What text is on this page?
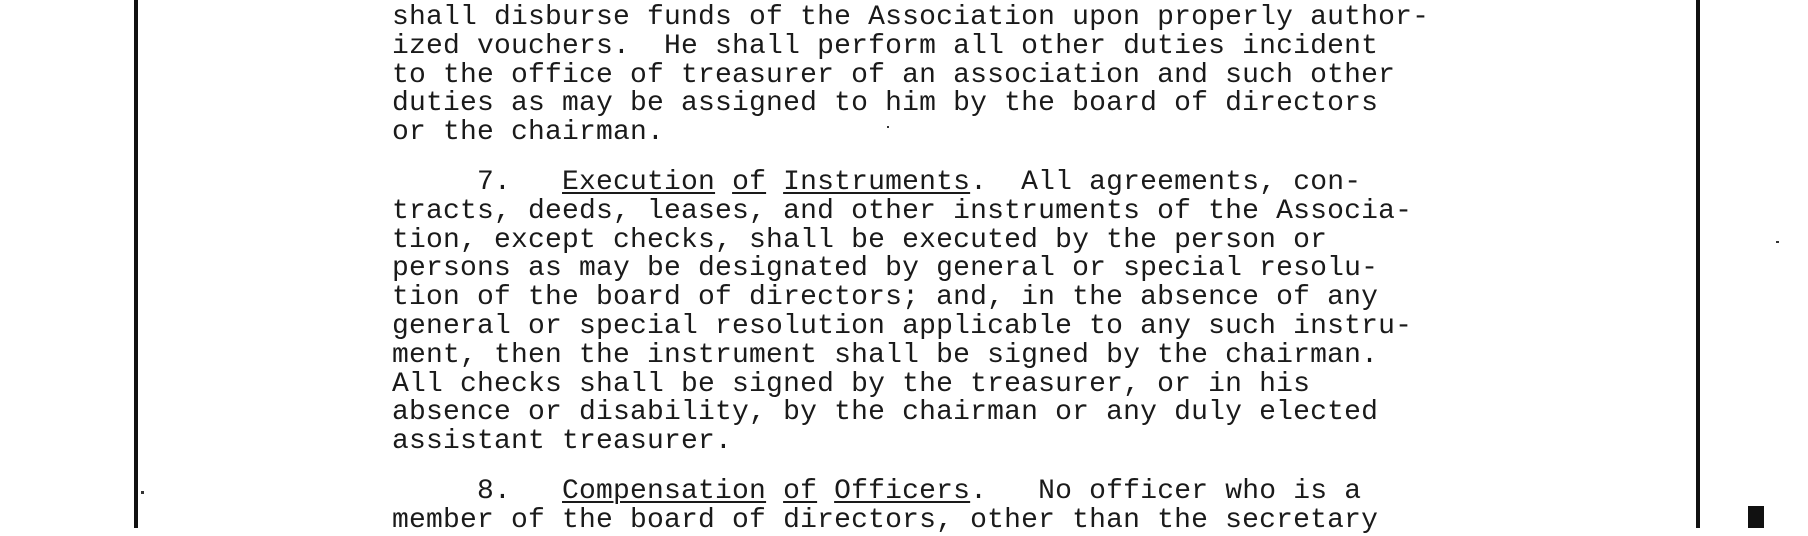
shall disburse funds of the Association upon properly author-
ized vouchers.  He shall perform all other duties incident
to the office of treasurer of an association and such other
duties as may be assigned to him by the board of directors
or the chairman.
7. Execution of Instruments.  All agreements, con-
tracts, deeds, leases, and other instruments of the Associa-
tion, except checks, shall be executed by the person or
persons as may be designated by general or special resolu-
tion of the board of directors; and, in the absence of any
general or special resolution applicable to any such instru-
ment, then the instrument shall be signed by the chairman.
All checks shall be signed by the treasurer, or in his
absence or disability, by the chairman or any duly elected
assistant treasurer.
8. Compensation of Officers.   No officer who is a
member of the board of directors, other than the secretary
